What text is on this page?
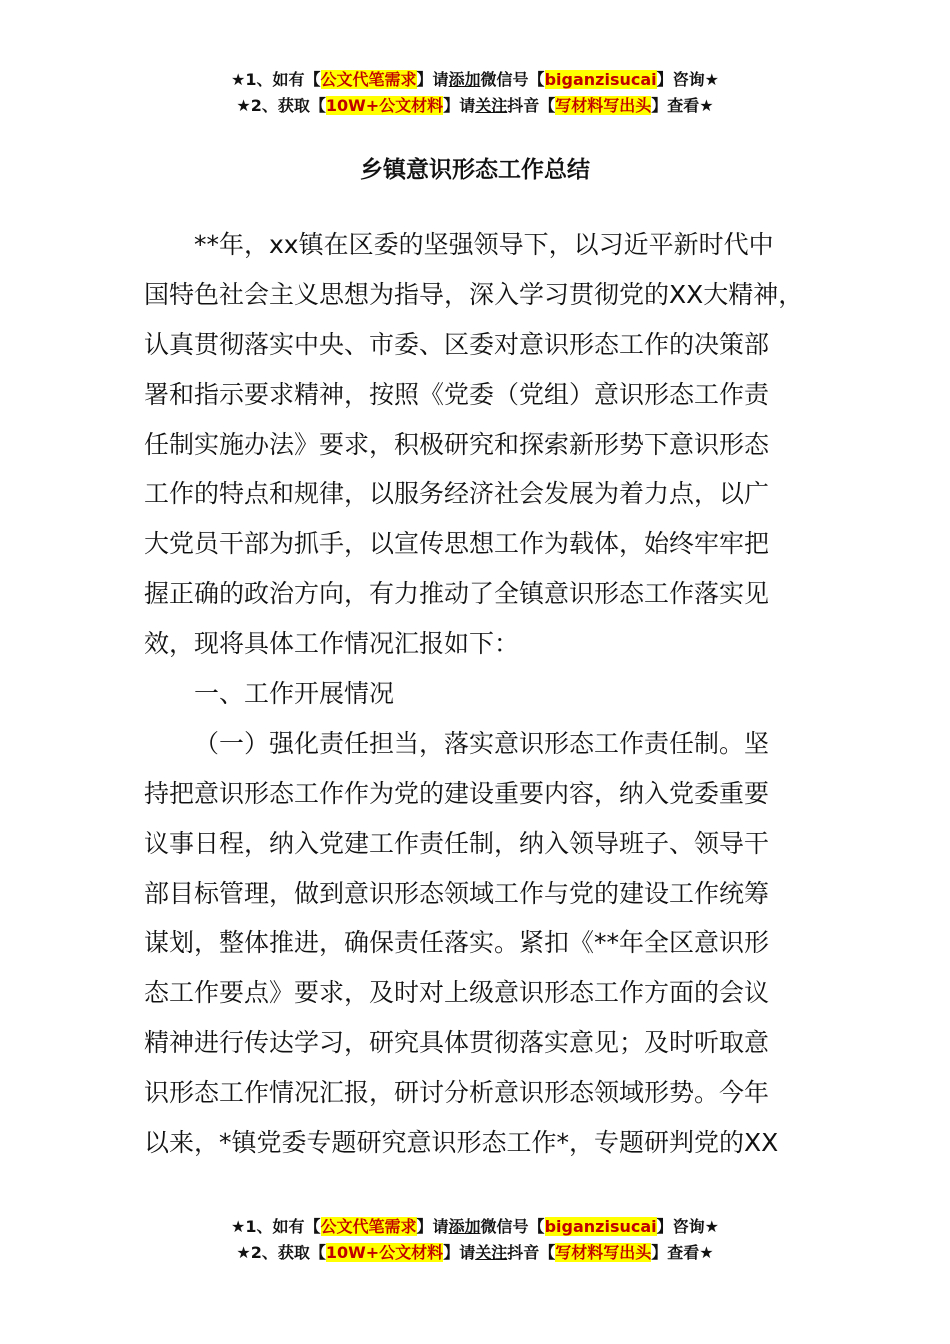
★1、如有【公文代笔需求】请添加微信号【biganzisucai】咨询★
★2、获取【10W+公文材料】请关注抖音【写材料写出头】查看★
乡镇意识形态工作总结
**年，xx镇在区委的坚强领导下，以习近平新时代中
国特色社会主义思想为指导，深入学习贯彻党的XX大精神，
认真贯彻落实中央、市委、区委对意识形态工作的决策部
署和指示要求精神，按照《党委（党组）意识形态工作责
任制实施办法》要求，积极研究和探索新形势下意识形态
工作的特点和规律，以服务经济社会发展为着力点，以广
大党员干部为抓手，以宣传思想工作为载体，始终牢牢把
握正确的政治方向，有力推动了全镇意识形态工作落实见
效，现将具体工作情况汇报如下：
一、工作开展情况
（一）强化责任担当，落实意识形态工作责任制。坚
持把意识形态工作作为党的建设重要内容，纳入党委重要
议事日程，纳入党建工作责任制，纳入领导班子、领导干
部目标管理，做到意识形态领域工作与党的建设工作统筹
谋划，整体推进，确保责任落实。紧扣《**年全区意识形
态工作要点》要求，及时对上级意识形态工作方面的会议
精神进行传达学习，研究具体贯彻落实意见；及时听取意
识形态工作情况汇报，研讨分析意识形态领域形势。今年
以来，*镇党委专题研究意识形态工作*，专题研判党的XX
★1、如有【公文代笔需求】请添加微信号【biganzisucai】咨询★
★2、获取【10W+公文材料】请关注抖音【写材料写出头】查看★
